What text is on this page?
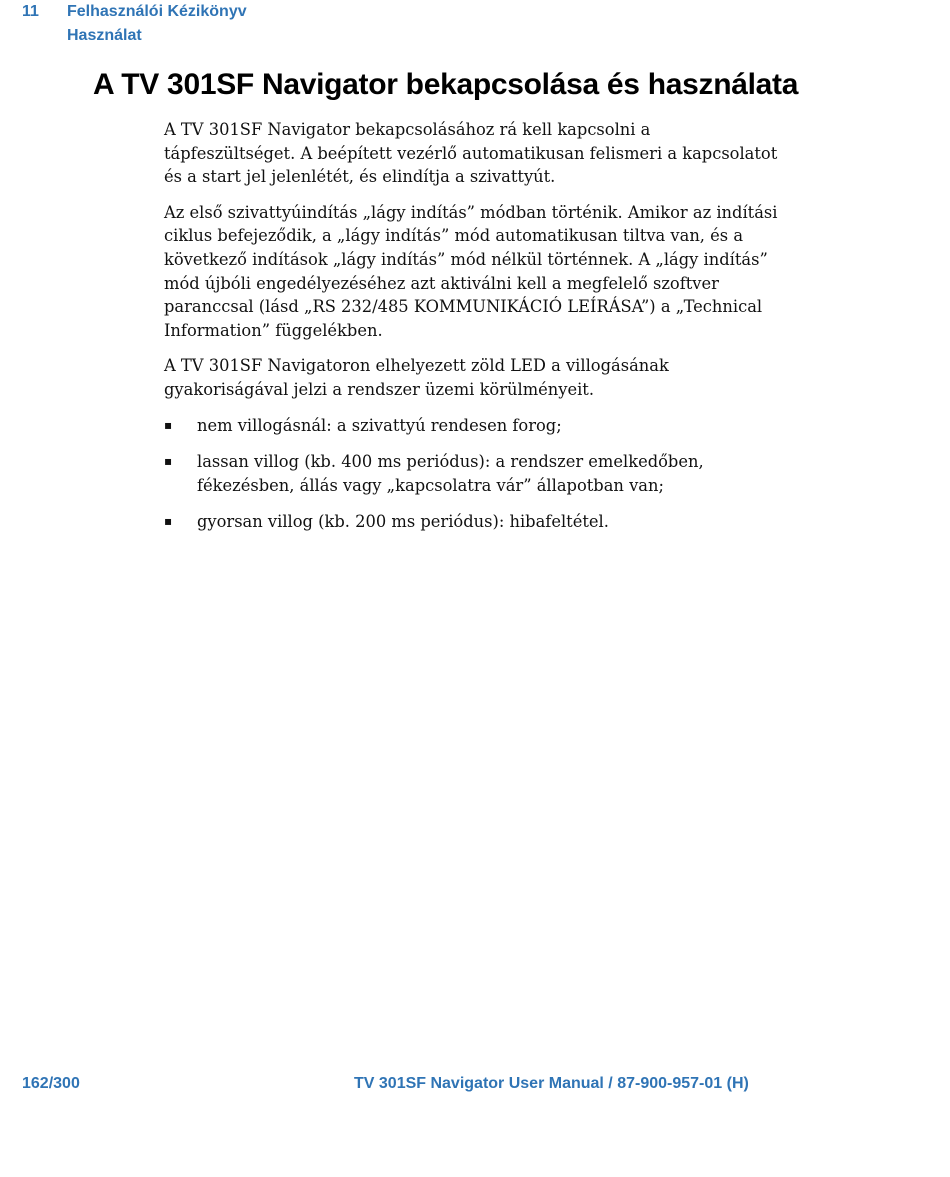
11 Felhasználói Kézikönyv
Használat
A TV 301SF Navigator bekapcsolása és használata

A TV 301SF Navigator bekapcsolásához rá kell kapcsolni a tápfeszültséget. A beépített vezérlő automatikusan felismeri a kapcsolatot és a start jel jelenlétét, és elindítja a szivattyút.

Az első szivattyúindítás „lágy indítás” módban történik. Amikor az indítási ciklus befejeződik, a „lágy indítás” mód automatikusan tiltva van, és a következő indítások „lágy indítás” mód nélkül történnek. A „lágy indítás” mód újbóli engedélyezéséhez azt aktiválni kell a megfelelő szoftver paranccsal (lásd „RS 232/485 KOMMUNIKÁCIÓ LEÍRÁSA”) a „Technical Information” függelékben.

A TV 301SF Navigatoron elhelyezett zöld LED a villogásának gyakoriságával jelzi a rendszer üzemi körülményeit.

▪ nem villogásnál: a szivattyú rendesen forog;
▪ lassan villog (kb. 400 ms periódus): a rendszer emelkedőben, fékezésben, állás vagy „kapcsolatra vár” állapotban van;
▪ gyorsan villog (kb. 200 ms periódus): hibafeltétel.
162/300	TV 301SF Navigator User Manual / 87-900-957-01 (H)
